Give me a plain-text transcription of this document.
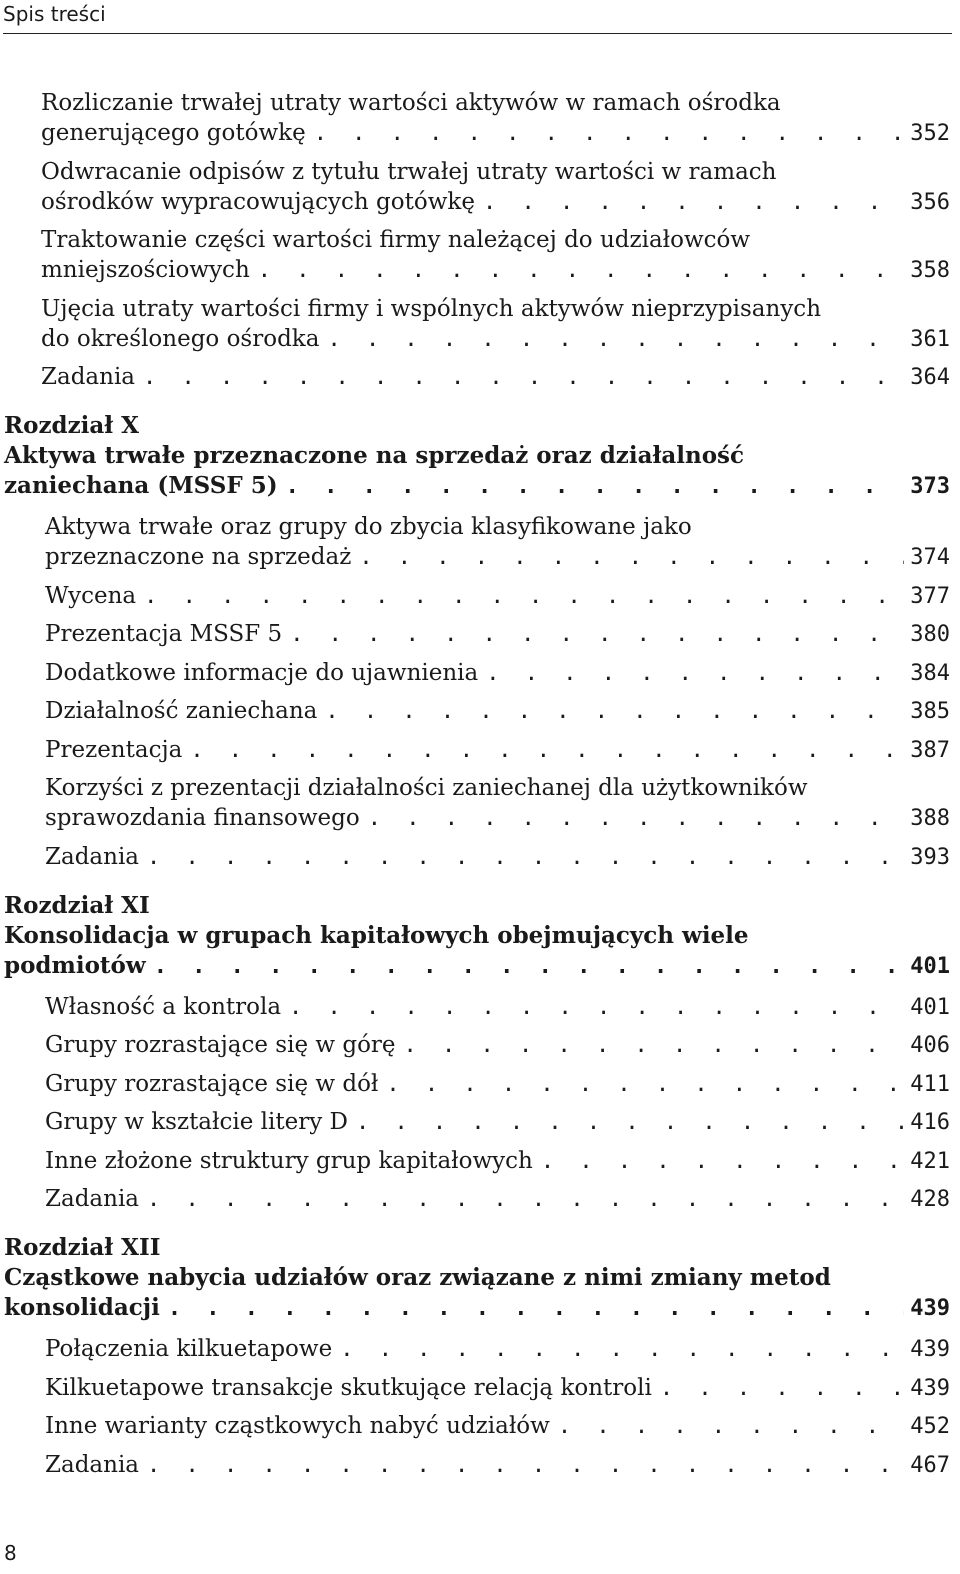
Spis treści
Rozliczanie trwałej utraty wartości aktywów w ramach ośrodka
generującego gotówkę . . .	352
Odwracanie odpisów z tytułu trwałej utraty wartości w ramach
ośrodków wypracowujących gotówkę . . .	356
Traktowanie części wartości firmy należącej do udziałowców
mniejszościowych . . .	358
Ujęcia utraty wartości firmy i wspólnych aktywów nieprzypisanych
do określonego ośrodka . . .	361
Zadania . . .	364
Rozdział X
Aktywa trwałe przeznaczone na sprzedaż oraz działalność
zaniechana (MSSF 5) . . .	373
Aktywa trwałe oraz grupy do zbycia klasyfikowane jako
przeznaczone na sprzedaż . . .	374
Wycena . . .	377
Prezentacja MSSF 5 . . .	380
Dodatkowe informacje do ujawnienia . . .	384
Działalność zaniechana . . .	385
Prezentacja . . .	387
Korzyści z prezentacji działalności zaniechanej dla użytkowników
sprawozdania finansowego . . .	388
Zadania . . .	393
Rozdział XI
Konsolidacja w grupach kapitałowych obejmujących wiele
podmiotów . . .	401
Własność a kontrola . . .	401
Grupy rozrastające się w górę . . .	406
Grupy rozrastające się w dół . . .	411
Grupy w kształcie litery D . . .	416
Inne złożone struktury grup kapitałowych . . .	421
Zadania . . .	428
Rozdział XII
Cząstkowe nabycia udziałów oraz związane z nimi zmiany metod
konsolidacji . . .	439
Połączenia kilkuetapowe . . .	439
Kilkuetapowe transakcje skutkujące relacją kontroli . . .	439
Inne warianty cząstkowych nabyć udziałów . . .	452
Zadania . . .	467
8
